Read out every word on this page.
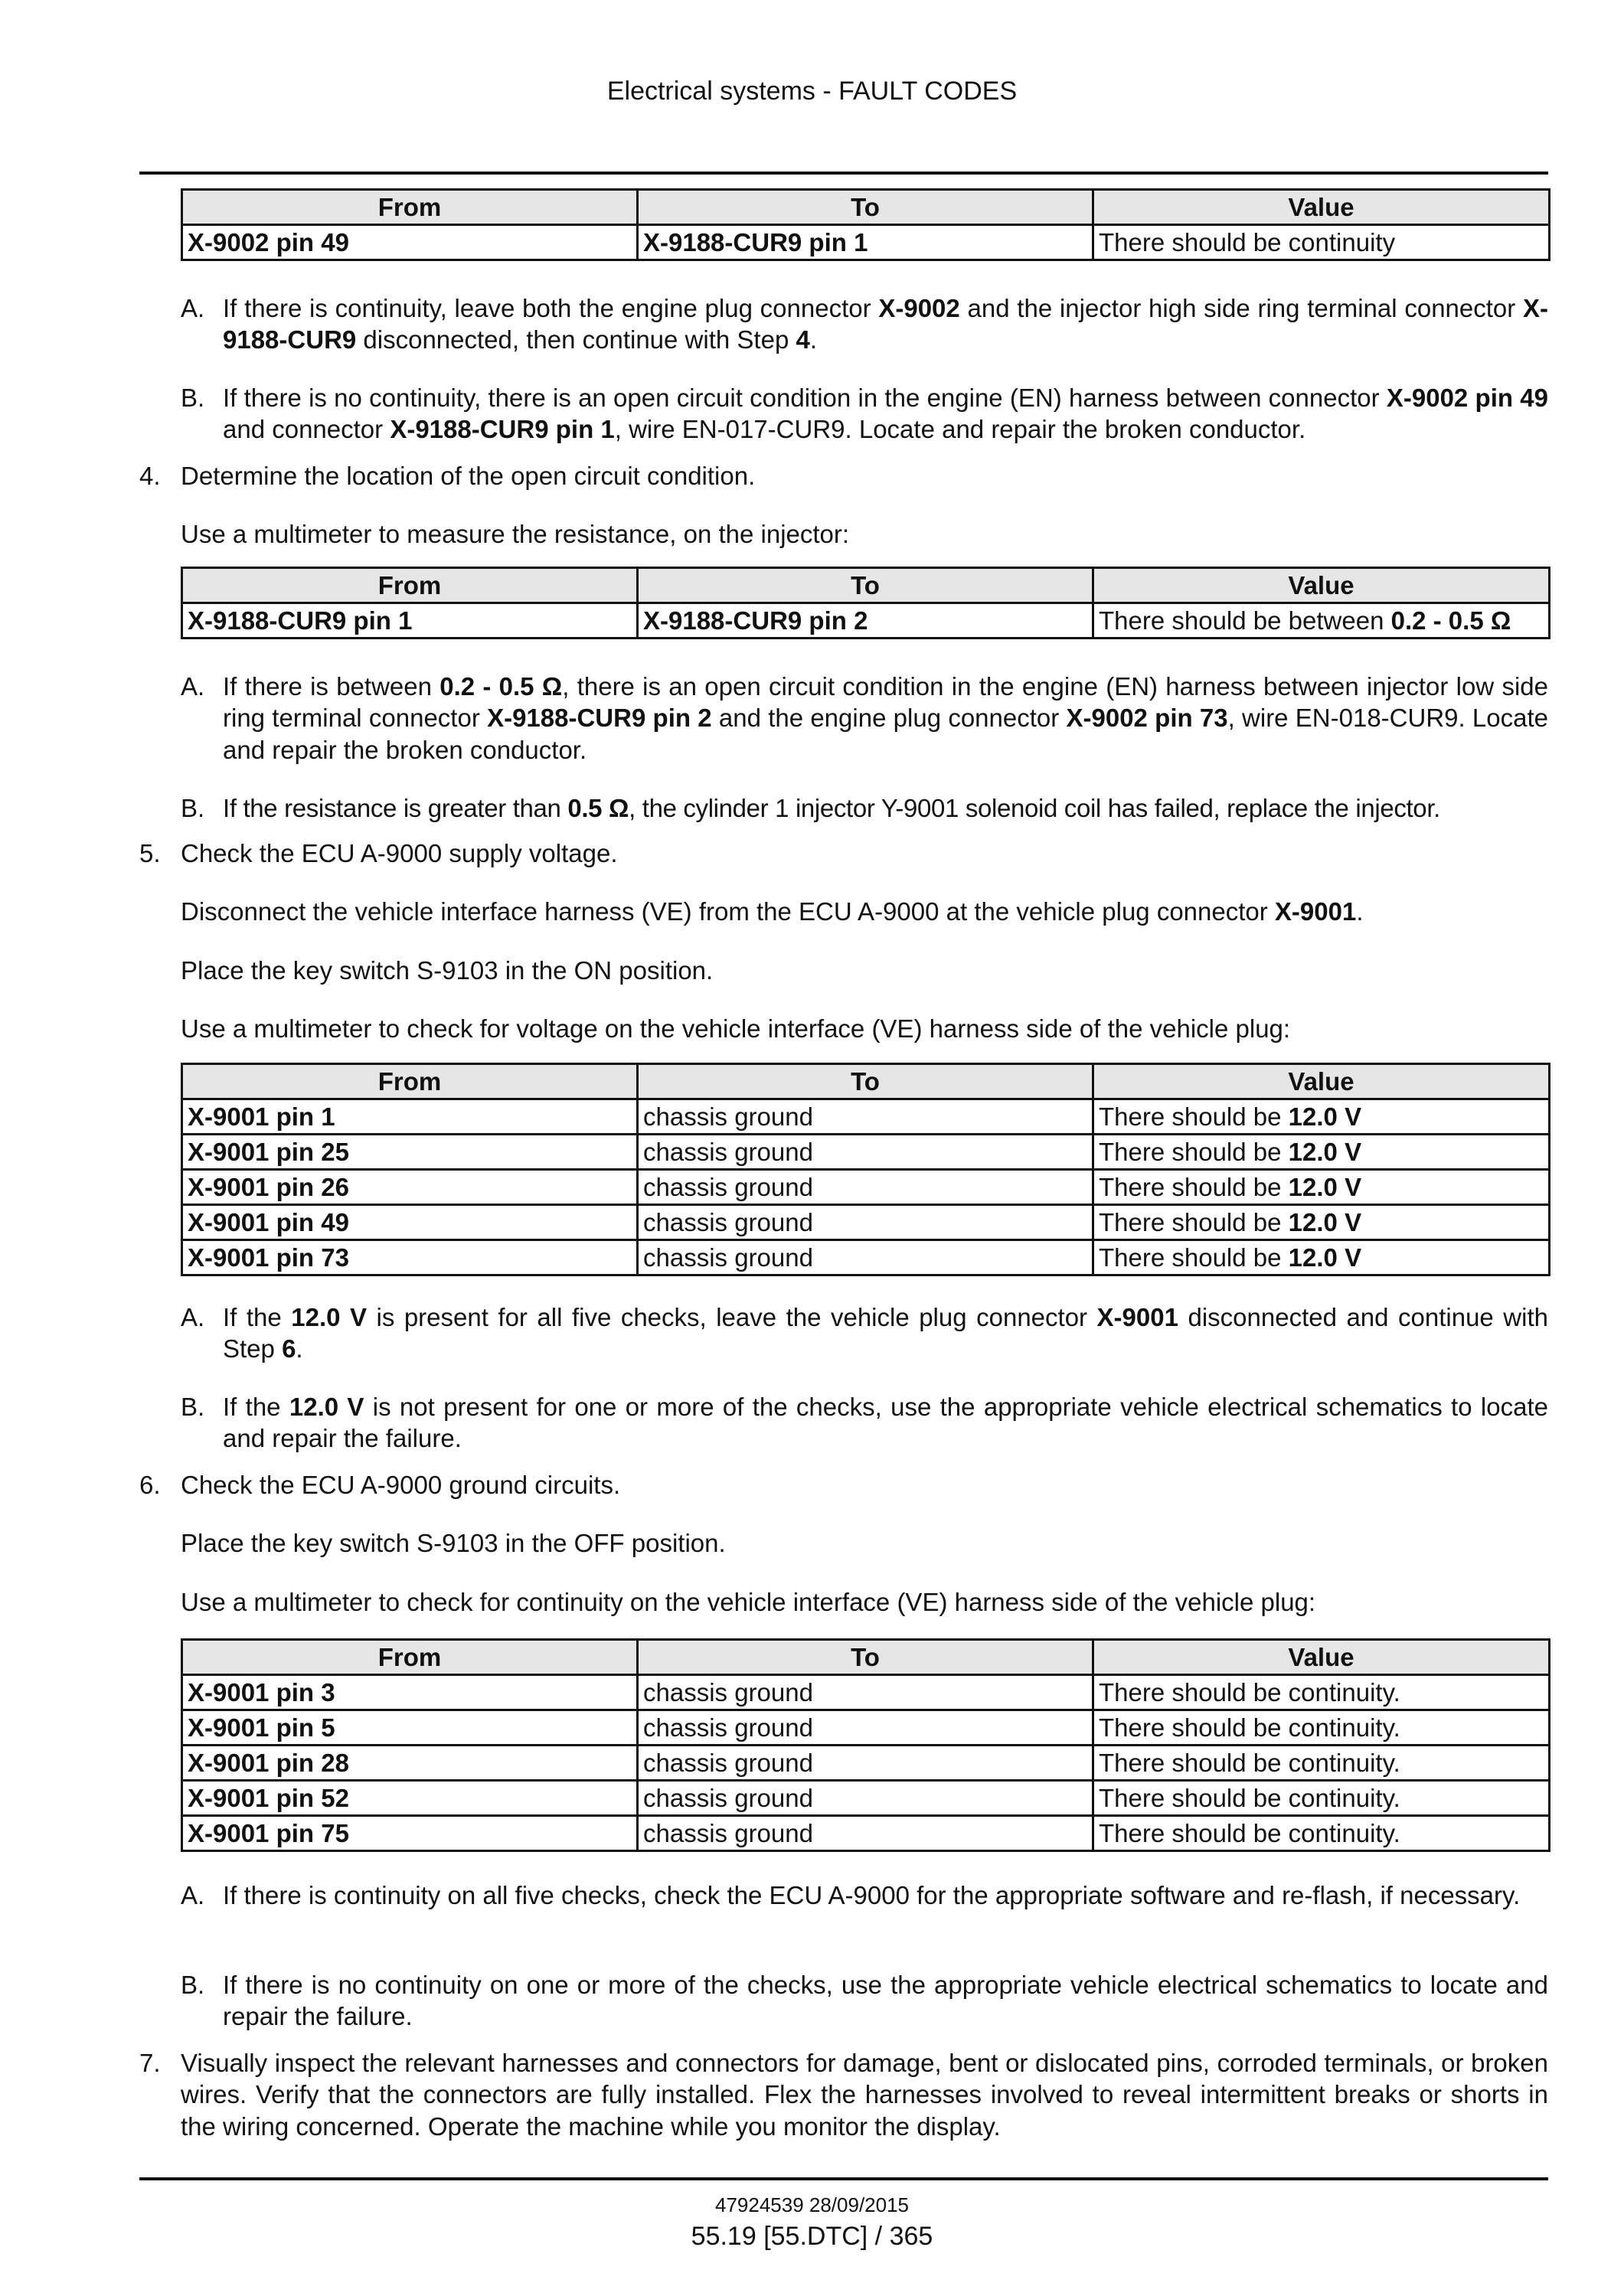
Electrical systems - FAULT CODES
From	To	Value
X-9002 pin 49	X-9188-CUR9 pin 1	There should be continuity
A. If there is continuity, leave both the engine plug connector X-9002 and the injector high side ring terminal connector X-9188-CUR9 disconnected, then continue with Step 4.
B. If there is no continuity, there is an open circuit condition in the engine (EN) harness between connector X-9002 pin 49 and connector X-9188-CUR9 pin 1, wire EN-017-CUR9. Locate and repair the broken conductor.
4. Determine the location of the open circuit condition.
Use a multimeter to measure the resistance, on the injector:
From	To	Value
X-9188-CUR9 pin 1	X-9188-CUR9 pin 2	There should be between 0.2 - 0.5 Ω
A. If there is between 0.2 - 0.5 Ω, there is an open circuit condition in the engine (EN) harness between injector low side ring terminal connector X-9188-CUR9 pin 2 and the engine plug connector X-9002 pin 73, wire EN-018-CUR9. Locate and repair the broken conductor.
B. If the resistance is greater than 0.5 Ω, the cylinder 1 injector Y-9001 solenoid coil has failed, replace the injector.
5. Check the ECU A-9000 supply voltage.
Disconnect the vehicle interface harness (VE) from the ECU A-9000 at the vehicle plug connector X-9001.
Place the key switch S-9103 in the ON position.
Use a multimeter to check for voltage on the vehicle interface (VE) harness side of the vehicle plug:
From	To	Value
X-9001 pin 1	chassis ground	There should be 12.0 V
X-9001 pin 25	chassis ground	There should be 12.0 V
X-9001 pin 26	chassis ground	There should be 12.0 V
X-9001 pin 49	chassis ground	There should be 12.0 V
X-9001 pin 73	chassis ground	There should be 12.0 V
A. If the 12.0 V is present for all five checks, leave the vehicle plug connector X-9001 disconnected and continue with Step 6.
B. If the 12.0 V is not present for one or more of the checks, use the appropriate vehicle electrical schematics to locate and repair the failure.
6. Check the ECU A-9000 ground circuits.
Place the key switch S-9103 in the OFF position.
Use a multimeter to check for continuity on the vehicle interface (VE) harness side of the vehicle plug:
From	To	Value
X-9001 pin 3	chassis ground	There should be continuity.
X-9001 pin 5	chassis ground	There should be continuity.
X-9001 pin 28	chassis ground	There should be continuity.
X-9001 pin 52	chassis ground	There should be continuity.
X-9001 pin 75	chassis ground	There should be continuity.
A. If there is continuity on all five checks, check the ECU A-9000 for the appropriate software and re-flash, if necessary.
B. If there is no continuity on one or more of the checks, use the appropriate vehicle electrical schematics to locate and repair the failure.
7. Visually inspect the relevant harnesses and connectors for damage, bent or dislocated pins, corroded terminals, or broken wires. Verify that the connectors are fully installed. Flex the harnesses involved to reveal intermittent breaks or shorts in the wiring concerned. Operate the machine while you monitor the display.
47924539 28/09/2015
55.19 [55.DTC] / 365
